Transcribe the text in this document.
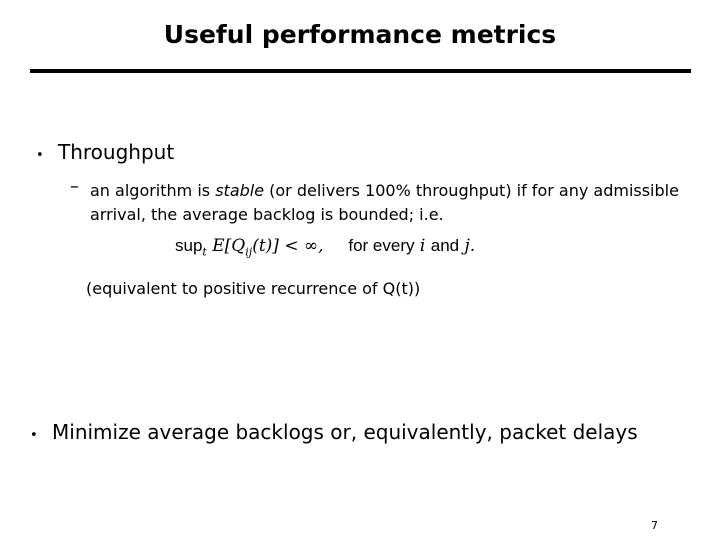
Useful performance metrics
• Throughput
– an algorithm is stable (or delivers 100% throughput) if for any admissible arrival, the average backlog is bounded; i.e.
sup$_t$ $E[Q_{ij}(t)]$ < ∞, for every i and j.
(equivalent to positive recurrence of Q(t))
• Minimize average backlogs or, equivalently, packet delays
7
